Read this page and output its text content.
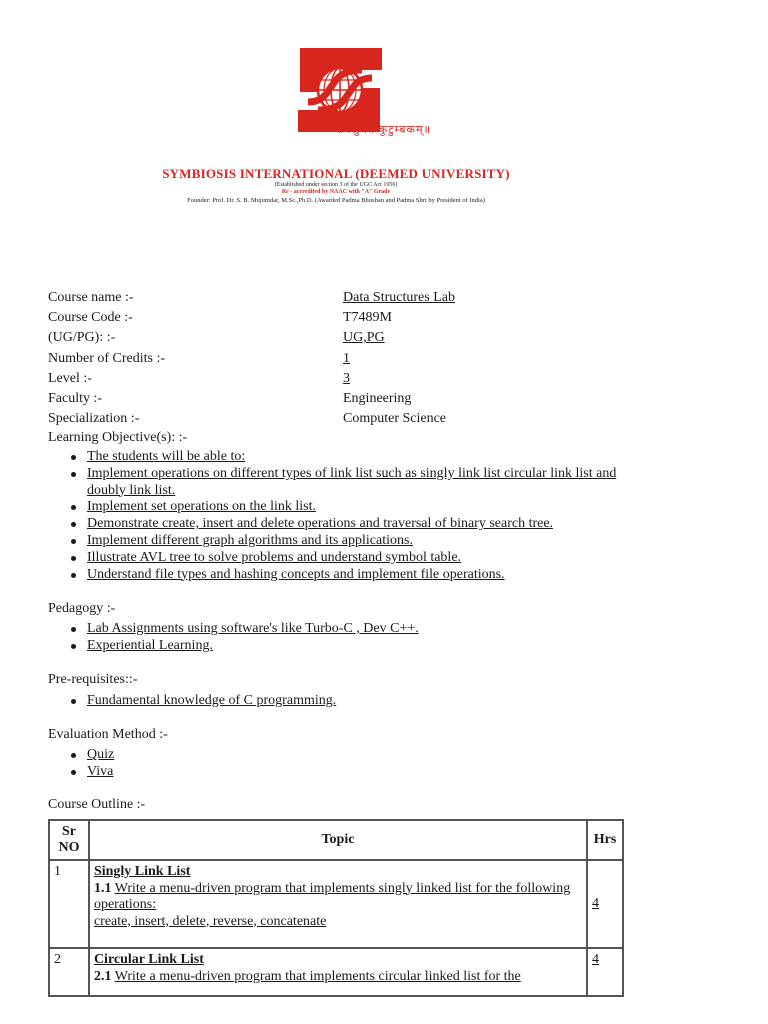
॥वसुधैव कुटुम्बकम्॥
SYMBIOSIS INTERNATIONAL (DEEMED UNIVERSITY)
(Established under section 3 of the UGC Act 1956)
Re - accredited by NAAC with "A" Grade
Founder: Prof. Dr. S. B. Mujumdar, M.Sc.,Ph.D. (Awarded Padma Bhushan and Padma Shri by President of India)
Course name :-	Data Structures Lab
Course Code :-	T7489M
(UG/PG): :-	UG,PG
Number of Credits :-	1
Level :-	3
Faculty :-	Engineering
Specialization :-	Computer Science
Learning Objective(s): :-
The students will be able to:
Implement operations on different types of link list such as singly link list circular link list and doubly link list.
Implement set operations on the link list.
Demonstrate create, insert and delete operations and traversal of binary search tree.
Implement different graph algorithms and its applications.
Illustrate AVL tree to solve problems and understand symbol table.
Understand file types and hashing concepts and implement file operations.
Pedagogy :-
Lab Assignments using software's like Turbo-C , Dev C++.
Experiential Learning.
Pre-requisites::-
Fundamental knowledge of C programming.
Evaluation Method :-
Quiz
Viva
Course Outline :-
Sr NO	Topic	Hrs
1	Singly Link List
1.1 Write a menu-driven program that implements singly linked list for the following operations:
create, insert, delete, reverse, concatenate	4
2	Circular Link List
2.1 Write a menu-driven program that implements circular linked list for the	4
